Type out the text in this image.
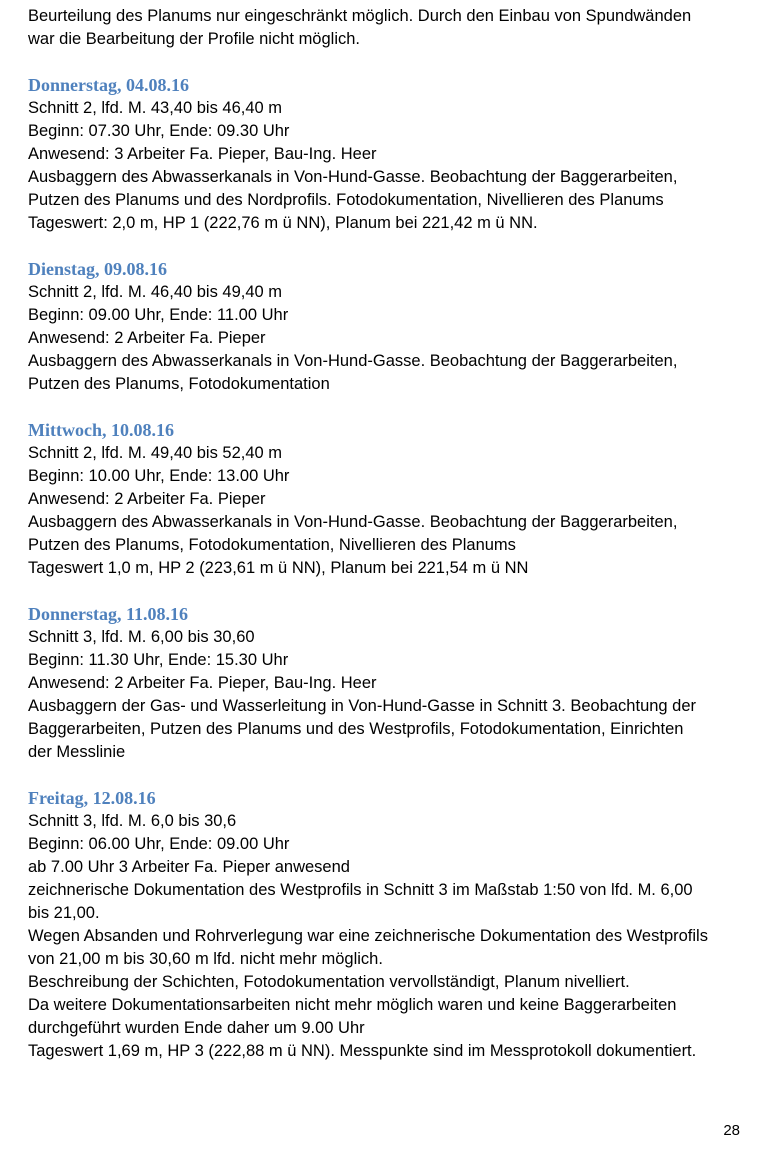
Beurteilung des Planums nur eingeschränkt möglich. Durch den Einbau von Spundwänden
war die Bearbeitung der Profile nicht möglich.
Donnerstag, 04.08.16
Schnitt 2, lfd. M. 43,40 bis 46,40 m
Beginn: 07.30 Uhr, Ende: 09.30 Uhr
Anwesend: 3 Arbeiter Fa. Pieper, Bau-Ing. Heer
Ausbaggern des Abwasserkanals in Von-Hund-Gasse. Beobachtung der Baggerarbeiten,
Putzen des Planums und des Nordprofils. Fotodokumentation, Nivellieren des Planums
Tageswert: 2,0 m, HP 1 (222,76 m ü NN), Planum bei 221,42 m ü NN.
Dienstag, 09.08.16
Schnitt 2, lfd. M. 46,40 bis 49,40 m
Beginn: 09.00 Uhr, Ende: 11.00 Uhr
Anwesend: 2 Arbeiter Fa. Pieper
Ausbaggern des Abwasserkanals in Von-Hund-Gasse. Beobachtung der Baggerarbeiten,
Putzen des Planums, Fotodokumentation
Mittwoch, 10.08.16
Schnitt 2, lfd. M. 49,40 bis 52,40 m
Beginn: 10.00 Uhr, Ende: 13.00 Uhr
Anwesend: 2 Arbeiter Fa. Pieper
Ausbaggern des Abwasserkanals in Von-Hund-Gasse. Beobachtung der Baggerarbeiten,
Putzen des Planums, Fotodokumentation, Nivellieren des Planums
Tageswert 1,0 m, HP 2 (223,61 m ü NN), Planum bei 221,54 m ü NN
Donnerstag, 11.08.16
Schnitt 3, lfd. M. 6,00 bis 30,60
Beginn: 11.30 Uhr, Ende: 15.30 Uhr
Anwesend: 2 Arbeiter Fa. Pieper, Bau-Ing. Heer
Ausbaggern der Gas- und Wasserleitung in Von-Hund-Gasse in Schnitt 3. Beobachtung der
Baggerarbeiten, Putzen des Planums und des Westprofils, Fotodokumentation, Einrichten
der Messlinie
Freitag, 12.08.16
Schnitt 3, lfd. M. 6,0 bis 30,6
Beginn: 06.00 Uhr, Ende: 09.00 Uhr
ab 7.00 Uhr 3 Arbeiter Fa. Pieper anwesend
zeichnerische Dokumentation des Westprofils in Schnitt 3 im Maßstab 1:50 von lfd. M. 6,00
bis 21,00.
Wegen Absanden und Rohrverlegung war eine zeichnerische Dokumentation des Westprofils
von 21,00 m bis 30,60 m lfd. nicht mehr möglich.
Beschreibung der Schichten, Fotodokumentation vervollständigt, Planum nivelliert.
Da weitere Dokumentationsarbeiten nicht mehr möglich waren und keine Baggerarbeiten
durchgeführt wurden Ende daher um 9.00 Uhr
Tageswert 1,69 m, HP 3 (222,88 m ü NN). Messpunkte sind im Messprotokoll dokumentiert.
28
